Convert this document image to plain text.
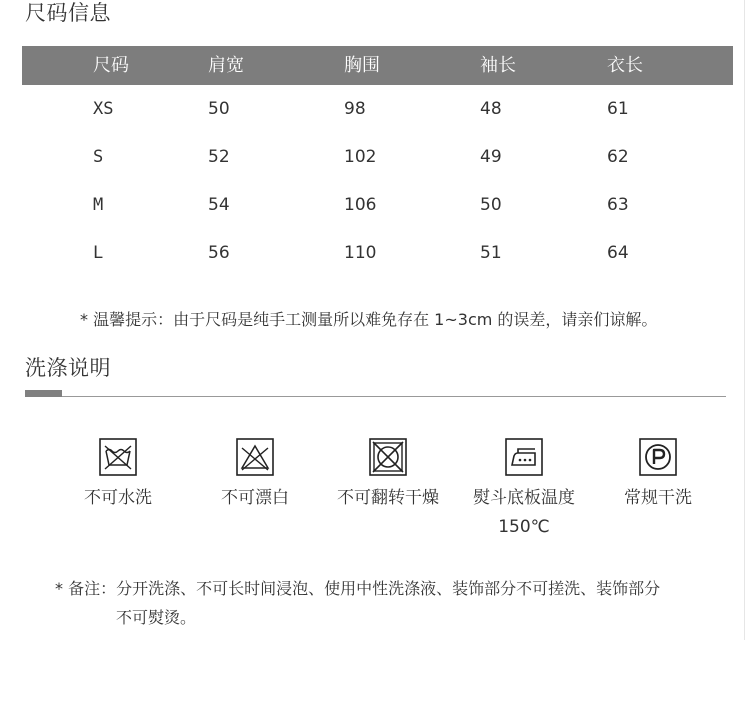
尺码信息
尺码	肩宽	胸围	袖长	衣长
XS	50	98	48	61
S	52	102	49	62
M	54	106	50	63
L	56	110	51	64
* 温馨提示：由于尺码是纯手工测量所以难免存在 1~3cm 的误差，请亲们谅解。
洗涤说明
不可水洗	不可漂白	不可翻转干燥	熨斗底板温度
150℃
常规干洗
* 备注：分开洗涤、不可长时间浸泡、使用中性洗涤液、装饰部分不可搓洗、装饰部分
不可熨烫。
